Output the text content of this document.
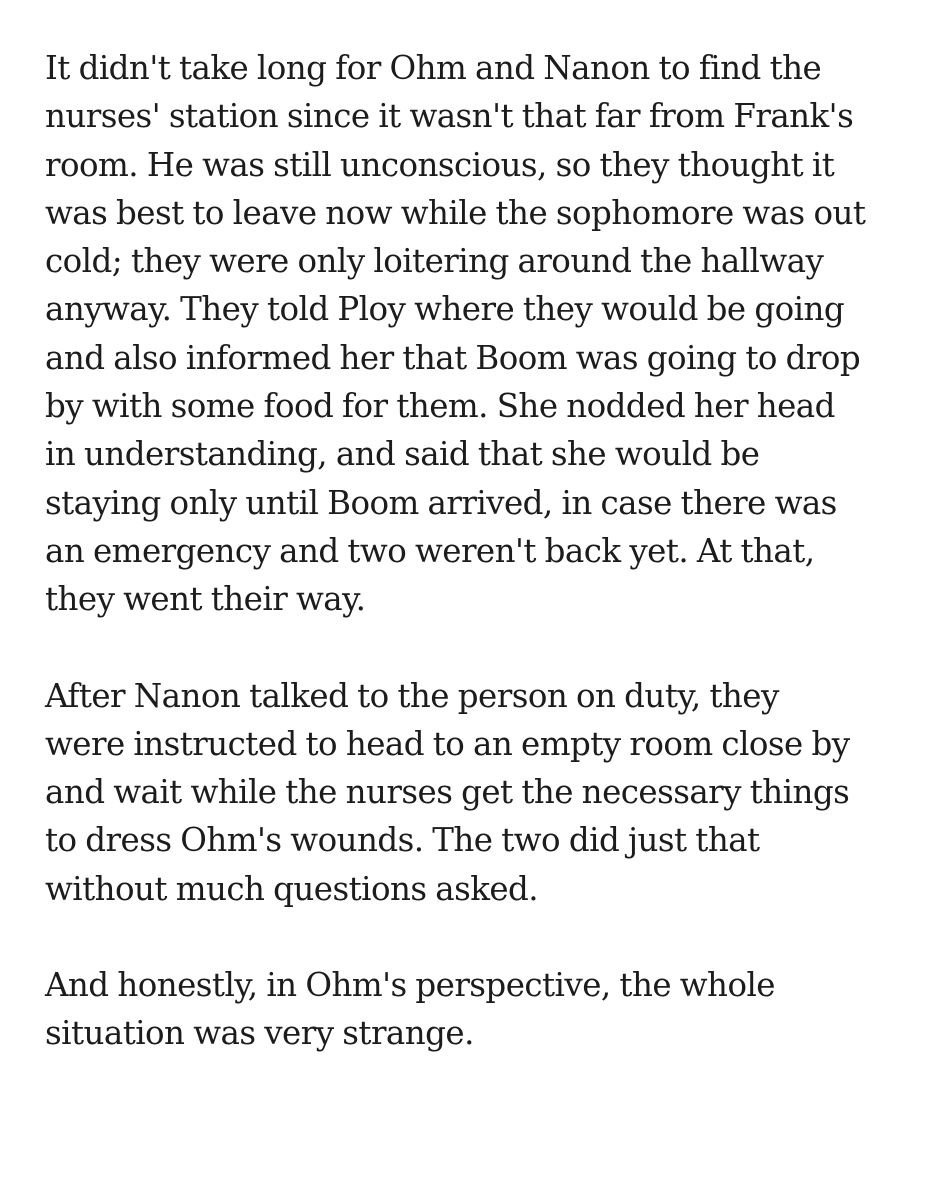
It didn't take long for Ohm and Nanon to find the
nurses' station since it wasn't that far from Frank's
room. He was still unconscious, so they thought it
was best to leave now while the sophomore was out
cold; they were only loitering around the hallway
anyway. They told Ploy where they would be going
and also informed her that Boom was going to drop
by with some food for them. She nodded her head
in understanding, and said that she would be
staying only until Boom arrived, in case there was
an emergency and two weren't back yet. At that,
they went their way.
After Nanon talked to the person on duty, they
were instructed to head to an empty room close by
and wait while the nurses get the necessary things
to dress Ohm's wounds. The two did just that
without much questions asked.
And honestly, in Ohm's perspective, the whole
situation was very strange.
